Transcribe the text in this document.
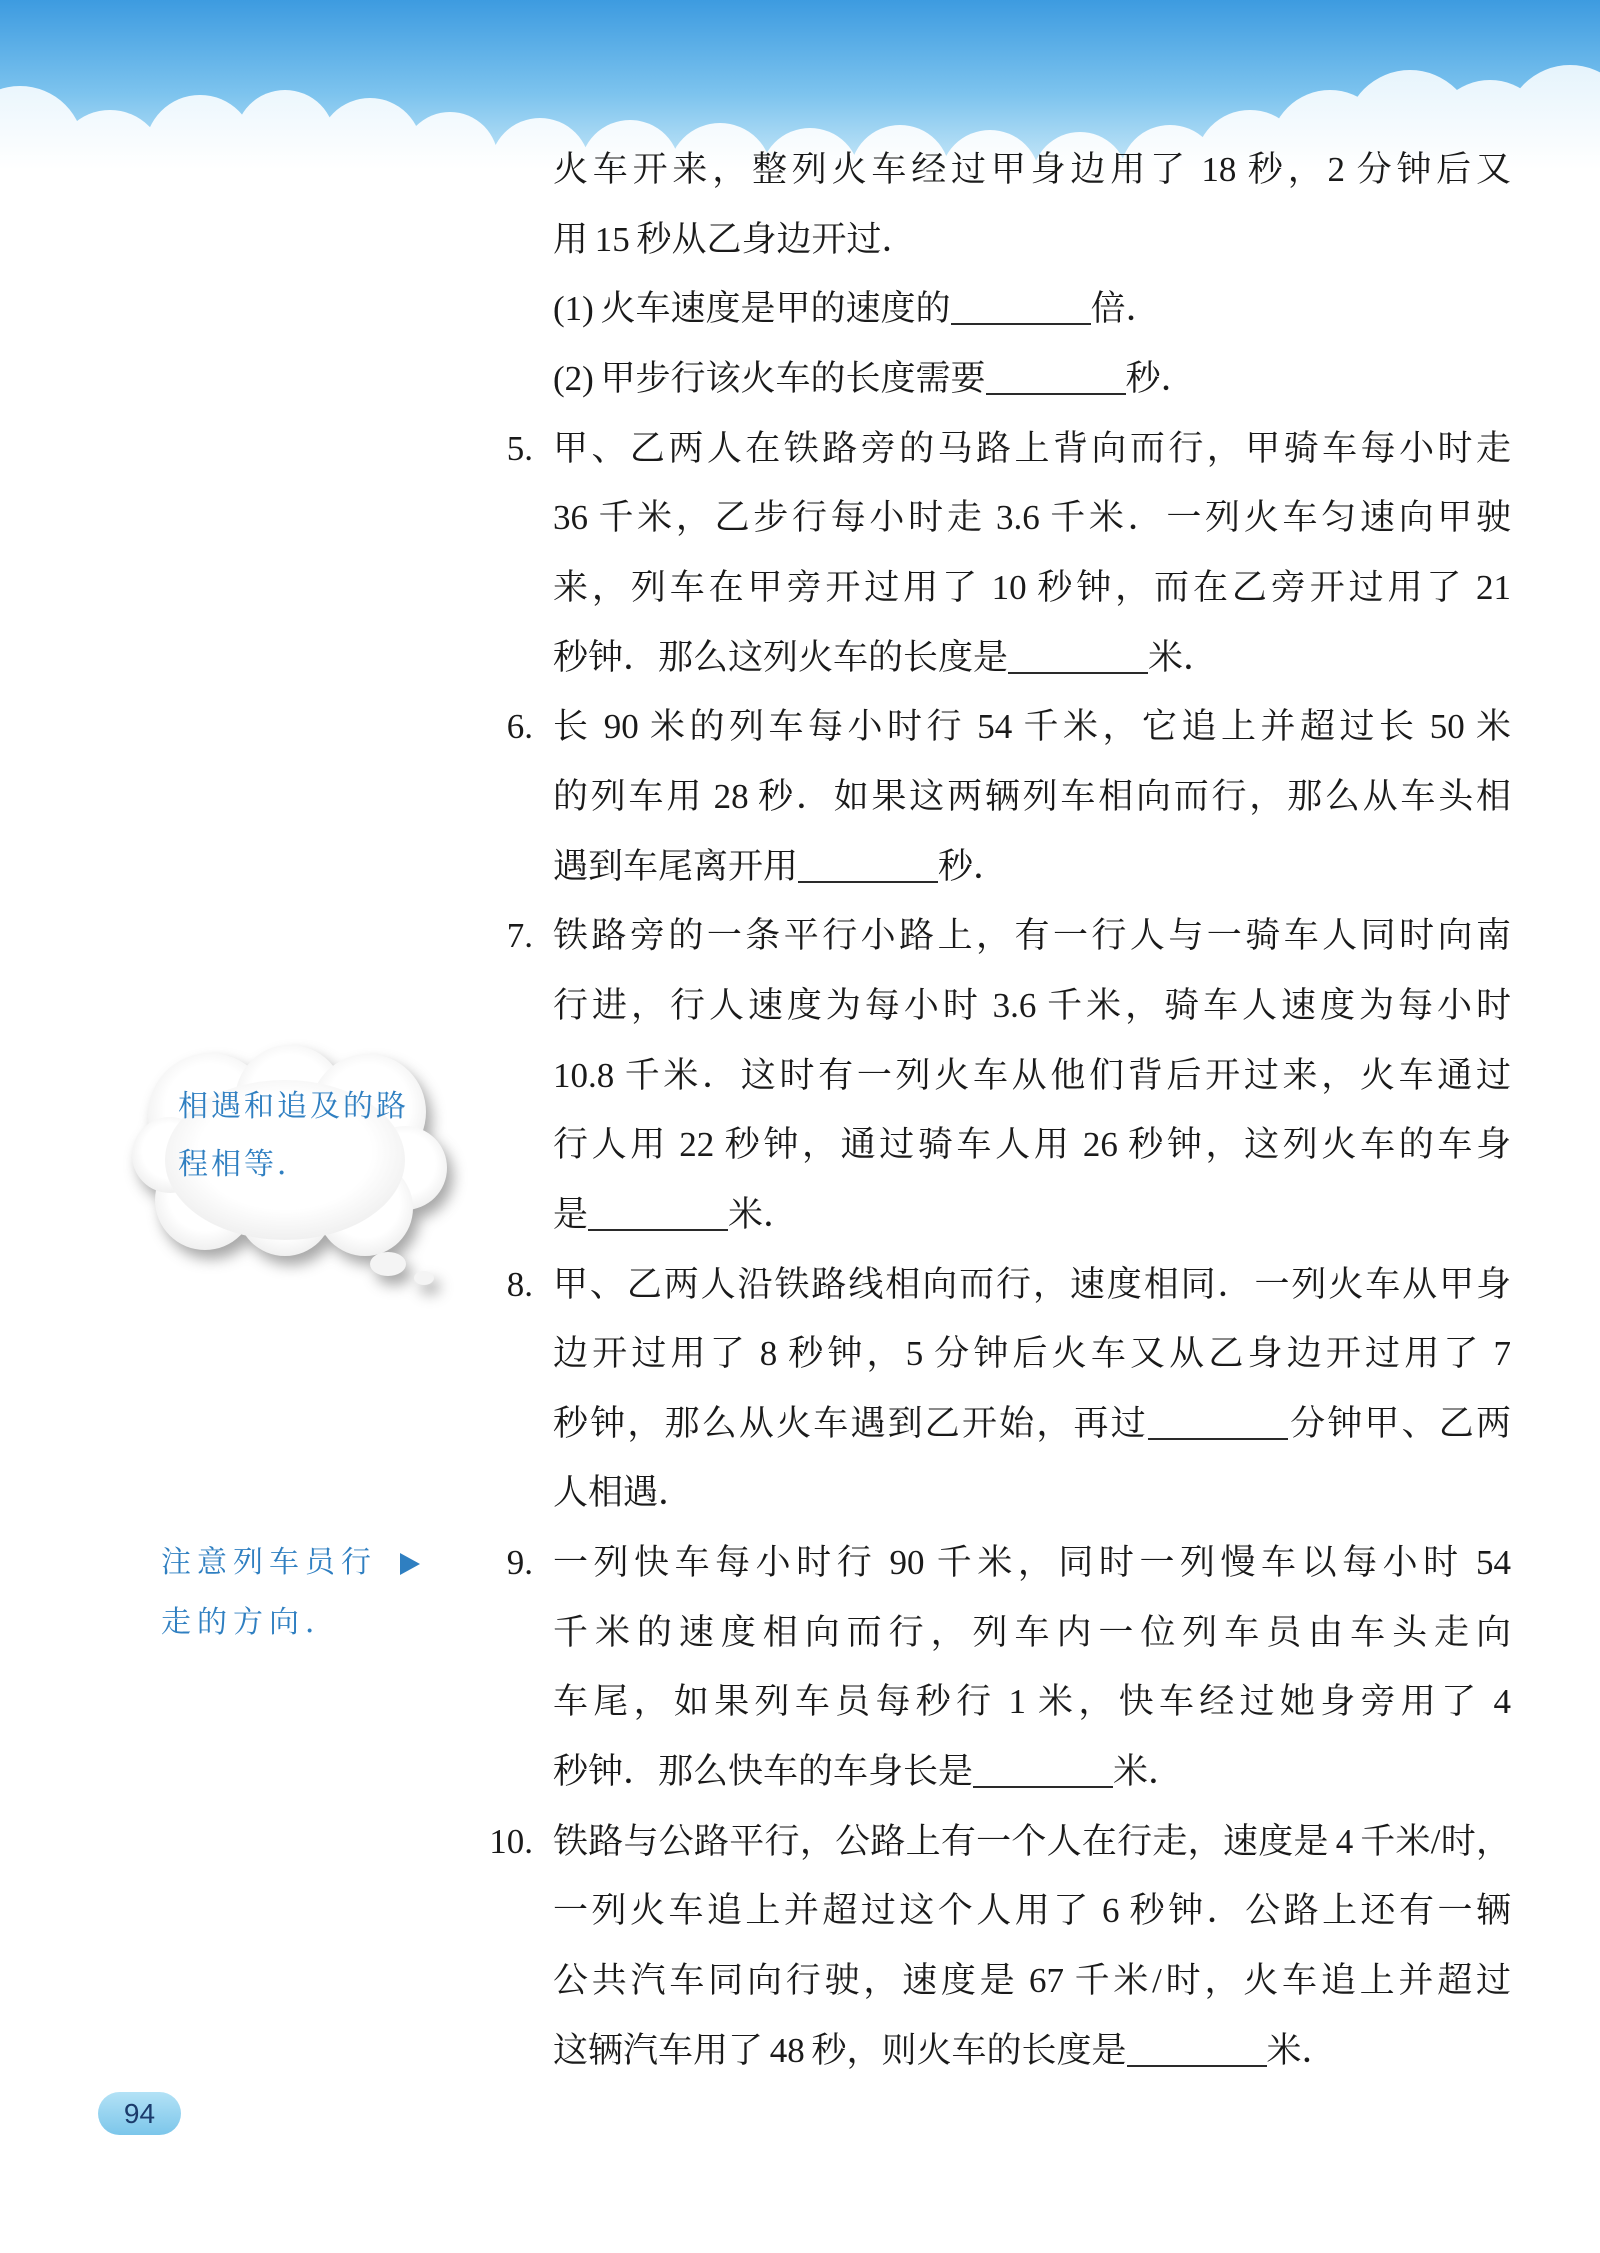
相遇和追及的路
程相等．
注意列车员行
走的方向．
火车开来，整列火车经过甲身边用了 18 秒，2 分钟后又
用 15 秒从乙身边开过．
(1) 火车速度是甲的速度的	倍．
(2) 甲步行该火车的长度需要	秒．
5. 甲、乙两人在铁路旁的马路上背向而行，甲骑车每小时走
36 千米，乙步行每小时走 3.6 千米．一列火车匀速向甲驶
来，列车在甲旁开过用了 10 秒钟，而在乙旁开过用了 21
秒钟．那么这列火车的长度是	米．
6. 长 90 米的列车每小时行 54 千米，它追上并超过长 50 米
的列车用 28 秒．如果这两辆列车相向而行，那么从车头相
遇到车尾离开用	秒．
7. 铁路旁的一条平行小路上，有一行人与一骑车人同时向南
行进，行人速度为每小时 3.6 千米，骑车人速度为每小时
10.8 千米．这时有一列火车从他们背后开过来，火车通过
行人用 22 秒钟，通过骑车人用 26 秒钟，这列火车的车身
是	米．
8. 甲、乙两人沿铁路线相向而行，速度相同．一列火车从甲身
边开过用了 8 秒钟，5 分钟后火车又从乙身边开过用了 7
秒钟，那么从火车遇到乙开始，再过	分钟甲、乙两
人相遇．
9. 一列快车每小时行 90 千米，同时一列慢车以每小时 54
千米的速度相向而行，列车内一位列车员由车头走向
车尾，如果列车员每秒行 1 米，快车经过她身旁用了 4
秒钟．那么快车的车身长是	米．
10. 铁路与公路平行，公路上有一个人在行走，速度是 4 千米/时，
一列火车追上并超过这个人用了 6 秒钟．公路上还有一辆
公共汽车同向行驶，速度是 67 千米/时，火车追上并超过
这辆汽车用了 48 秒，则火车的长度是	米．
94
